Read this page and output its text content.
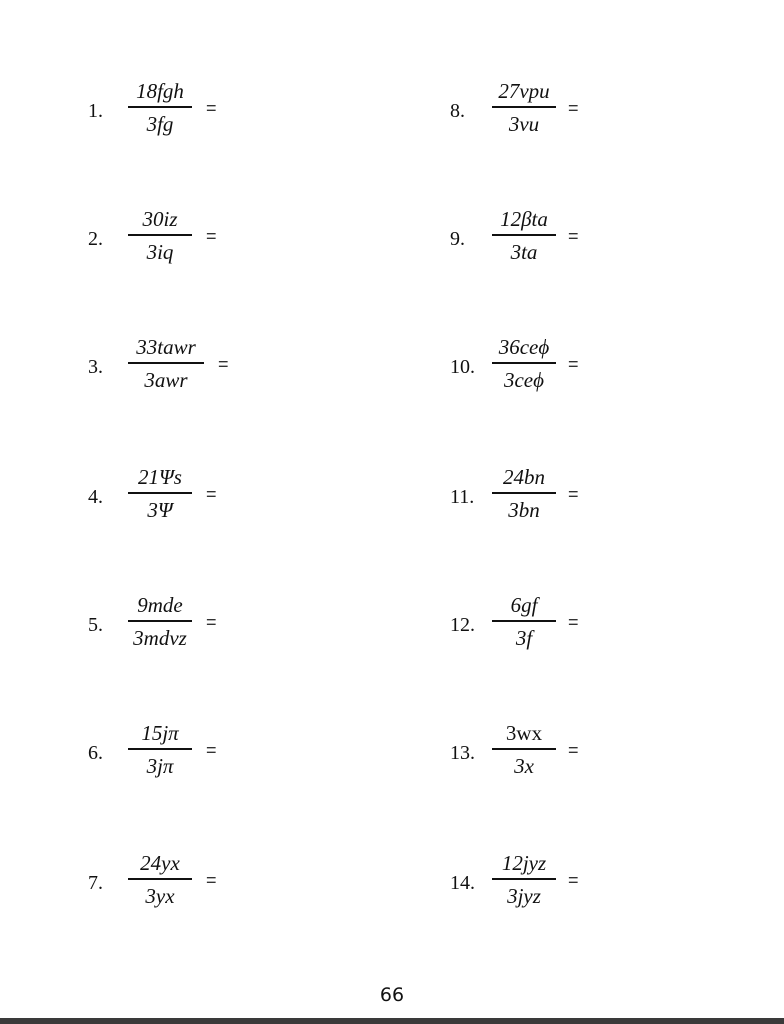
1.
18fgh
3fg
=
2.
30iz
3iq
=
3.
33tawr
3awr
=
4.
21Ψs
3Ψ
=
5.
9mde
3mdvz
=
6.
15jπ
3jπ
=
7.
24yx
3yx
=
8.
27vpu
3vu
=
9.
12βta
3ta
=
10.
36ceϕ
3ceϕ
=
11.
24bn
3bn
=
12.
6gf
3f
=
13.
3wx
3x
=
14.
12jyz
3jyz
=
66
